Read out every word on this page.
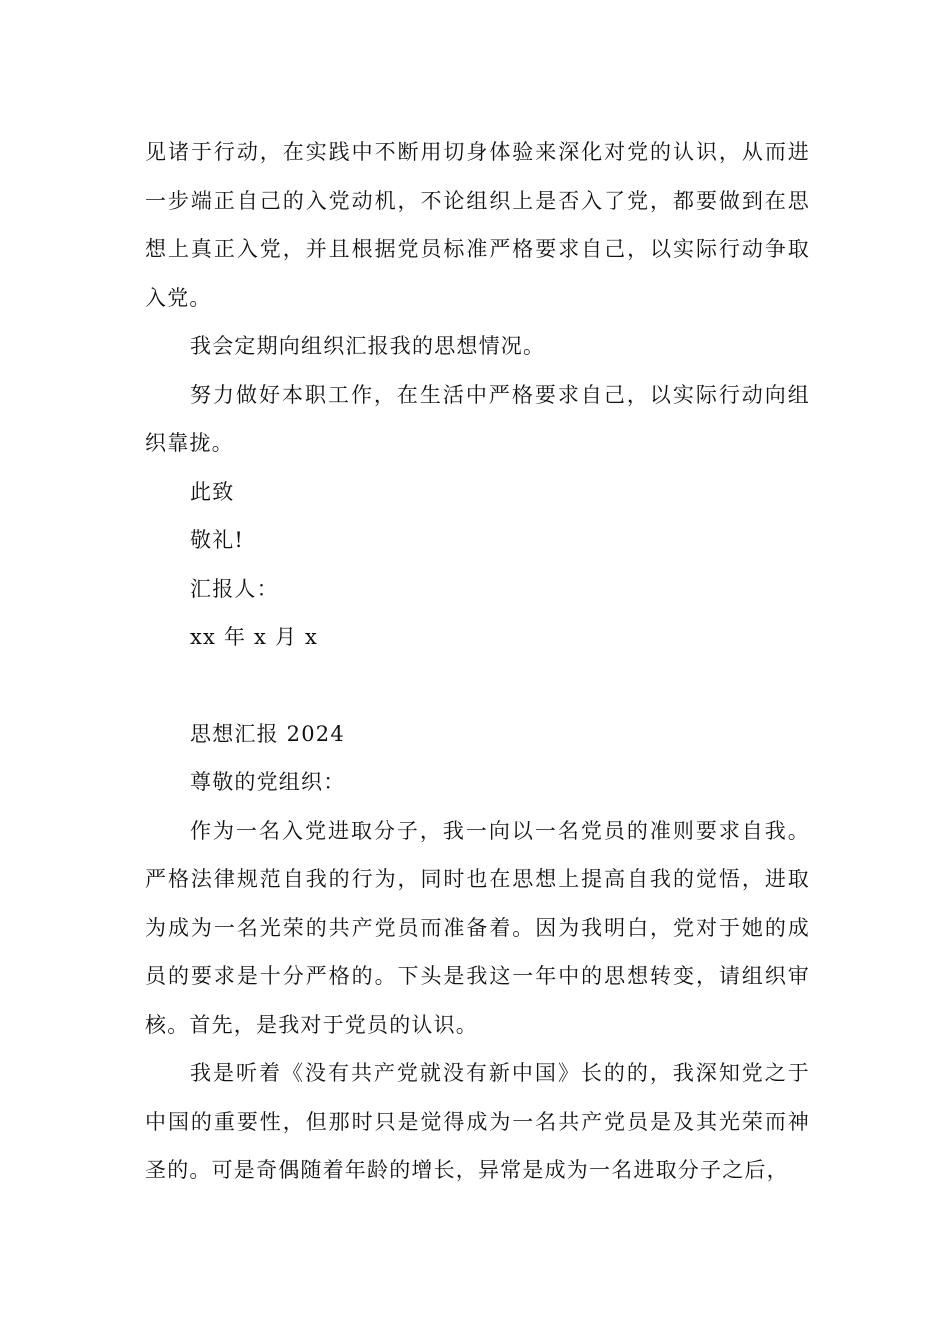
见诸于行动，在实践中不断用切身体验来深化对党的认识，从而进一步端正自己的入党动机，不论组织上是否入了党，都要做到在思想上真正入党，并且根据党员标准严格要求自己，以实际行动争取入党。

我会定期向组织汇报我的思想情况。

努力做好本职工作，在生活中严格要求自己，以实际行动向组织靠拢。

此致

敬礼!

汇报人：

xx 年 x 月 x

思想汇报 2024

尊敬的党组织：

作为一名入党进取分子，我一向以一名党员的准则要求自我。严格法律规范自我的行为，同时也在思想上提高自我的觉悟，进取为成为一名光荣的共产党员而准备着。因为我明白，党对于她的成员的要求是十分严格的。下头是我这一年中的思想转变，请组织审核。首先，是我对于党员的认识。

我是听着《没有共产党就没有新中国》长的的，我深知党之于中国的重要性，但那时只是觉得成为一名共产党员是及其光荣而神圣的。可是奇偶随着年龄的增长，异常是成为一名进取分子之后，
